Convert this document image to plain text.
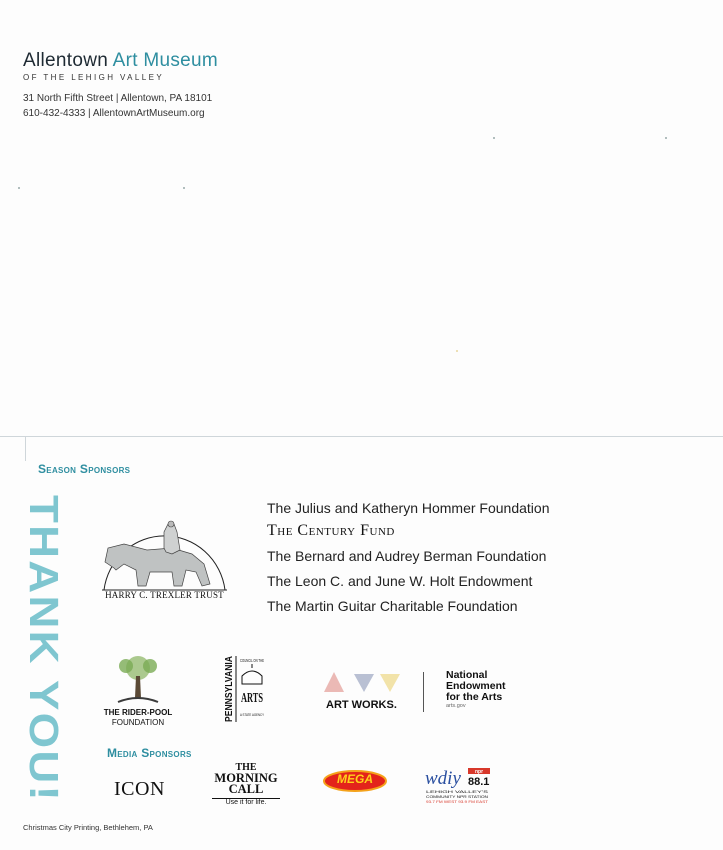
Allentown Art Museum
OF THE LEHIGH VALLEY
31 North Fifth Street | Allentown, PA 18101
610-432-4333 | AllentownArtMuseum.org
Season Sponsors
THANK YOU!	HARRY C. TREXLER TRUST
The Julius and Katheryn Hommer Foundation
The Century Fund
The Bernard and Audrey Berman Foundation
The Leon C. and June W. Holt Endowment
The Martin Guitar Charitable Foundation
THE RIDER-POOL
FOUNDATION
PENNSYLVANIA COUNCIL ON THE
ARTS
A STATE AGENCY
ART WORKS.
National
Endowment
for the Arts
arts.gov
Media Sponsors
ICON
THE
MORNING
CALL
Use it for life.
MEGA	wdiy	npr
88.1
LEHIGH VALLEY'S
COMMUNITY NPR STATION
93.7 FM WEST 93.9 FM EAST
Christmas City Printing, Bethlehem, PA
